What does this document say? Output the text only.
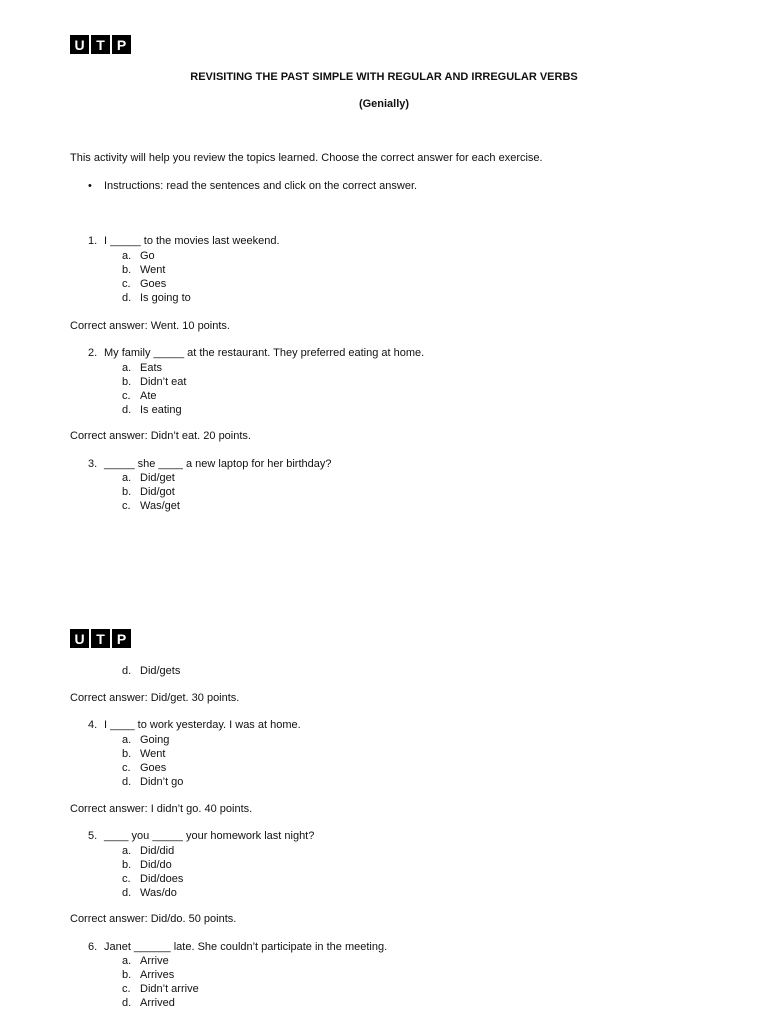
U T P
REVISITING THE PAST SIMPLE WITH REGULAR AND IRREGULAR VERBS
(Genially)
This activity will help you review the topics learned. Choose the correct answer for each exercise.
• Instructions: read the sentences and click on the correct answer.
1. I _____ to the movies last weekend.
a. Go
b. Went
c. Goes
d. Is going to
Correct answer: Went. 10 points.
2. My family _____ at the restaurant. They preferred eating at home.
a. Eats
b. Didn’t eat
c. Ate
d. Is eating
Correct answer: Didn’t eat. 20 points.
3. _____ she ____ a new laptop for her birthday?
a. Did/get
b. Did/got
c. Was/get
U T P
d. Did/gets
Correct answer: Did/get. 30 points.
4. I ____ to work yesterday. I was at home.
a. Going
b. Went
c. Goes
d. Didn’t go
Correct answer: I didn’t go. 40 points.
5. ____ you _____ your homework last night?
a. Did/did
b. Did/do
c. Did/does
d. Was/do
Correct answer: Did/do. 50 points.
6. Janet ______ late. She couldn’t participate in the meeting.
a. Arrive
b. Arrives
c. Didn’t arrive
d. Arrived
